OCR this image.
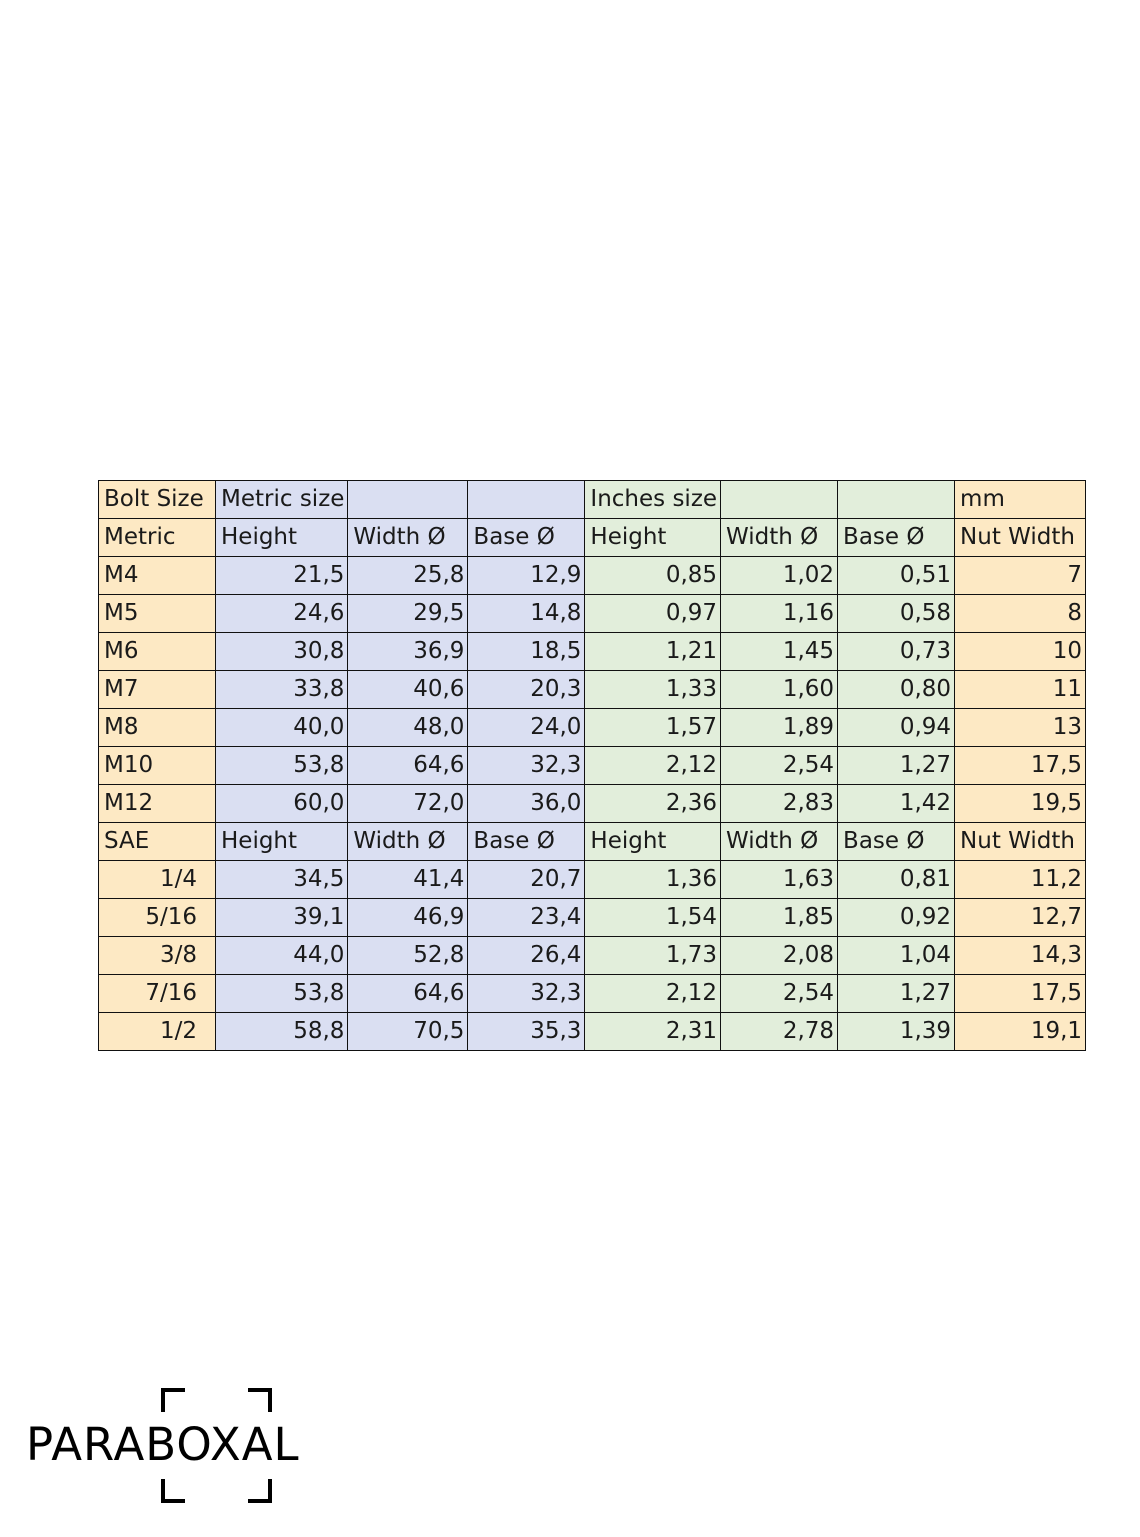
Bolt Size	Metric size			Inches size			mm
Metric	Height	Width Ø	Base Ø	Height	Width Ø	Base Ø	Nut Width
M4	21,5	25,8	12,9	0,85	1,02	0,51	7
M5	24,6	29,5	14,8	0,97	1,16	0,58	8
M6	30,8	36,9	18,5	1,21	1,45	0,73	10
M7	33,8	40,6	20,3	1,33	1,60	0,80	11
M8	40,0	48,0	24,0	1,57	1,89	0,94	13
M10	53,8	64,6	32,3	2,12	2,54	1,27	17,5
M12	60,0	72,0	36,0	2,36	2,83	1,42	19,5
SAE	Height	Width Ø	Base Ø	Height	Width Ø	Base Ø	Nut Width
1/4	34,5	41,4	20,7	1,36	1,63	0,81	11,2
5/16	39,1	46,9	23,4	1,54	1,85	0,92	12,7
3/8	44,0	52,8	26,4	1,73	2,08	1,04	14,3
7/16	53,8	64,6	32,3	2,12	2,54	1,27	17,5
1/2	58,8	70,5	35,3	2,31	2,78	1,39	19,1
PARABOXAL
